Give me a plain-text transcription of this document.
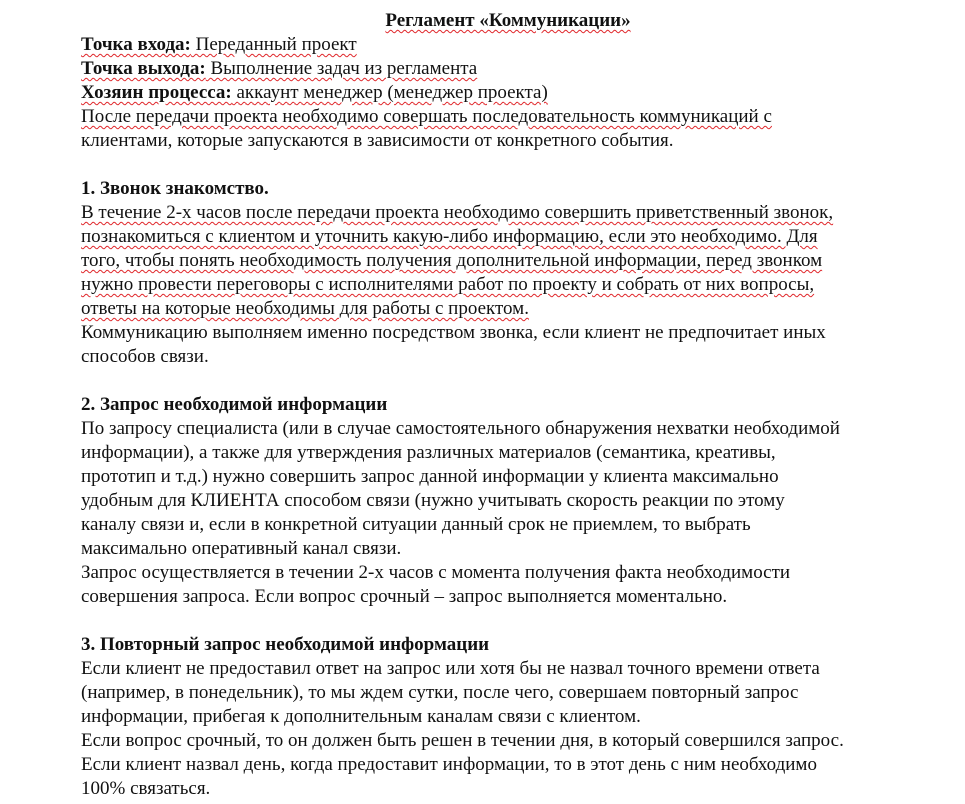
Регламент «Коммуникации»
Точка входа: Переданный проект
Точка выхода: Выполнение задач из регламента
Хозяин процесса: аккаунт менеджер (менеджер проекта)
После передачи проекта необходимо совершать последовательность коммуникаций с
клиентами, которые запускаются в зависимости от конкретного события.
1. Звонок знакомство.
В течение 2-х часов после передачи проекта необходимо совершить приветственный звонок,
познакомиться с клиентом и уточнить какую-либо информацию, если это необходимо. Для
того, чтобы понять необходимость получения дополнительной информации, перед звонком
нужно провести переговоры с исполнителями работ по проекту и собрать от них вопросы,
ответы на которые необходимы для работы с проектом.
Коммуникацию выполняем именно посредством звонка, если клиент не предпочитает иных
способов связи.
2. Запрос необходимой информации
По запросу специалиста (или в случае самостоятельного обнаружения нехватки необходимой
информации), а также для утверждения различных материалов (семантика, креативы,
прототип и т.д.) нужно совершить запрос данной информации у клиента максимально
удобным для КЛИЕНТА способом связи (нужно учитывать скорость реакции по этому
каналу связи и, если в конкретной ситуации данный срок не приемлем, то выбрать
максимально оперативный канал связи.
Запрос осуществляется в течении 2-х часов с момента получения факта необходимости
совершения запроса. Если вопрос срочный – запрос выполняется моментально.
3. Повторный запрос необходимой информации
Если клиент не предоставил ответ на запрос или хотя бы не назвал точного времени ответа
(например, в понедельник), то мы ждем сутки, после чего, совершаем повторный запрос
информации, прибегая к дополнительным каналам связи с клиентом.
Если вопрос срочный, то он должен быть решен в течении дня, в который совершился запрос.
Если клиент назвал день, когда предоставит информации, то в этот день с ним необходимо
100% связаться.
